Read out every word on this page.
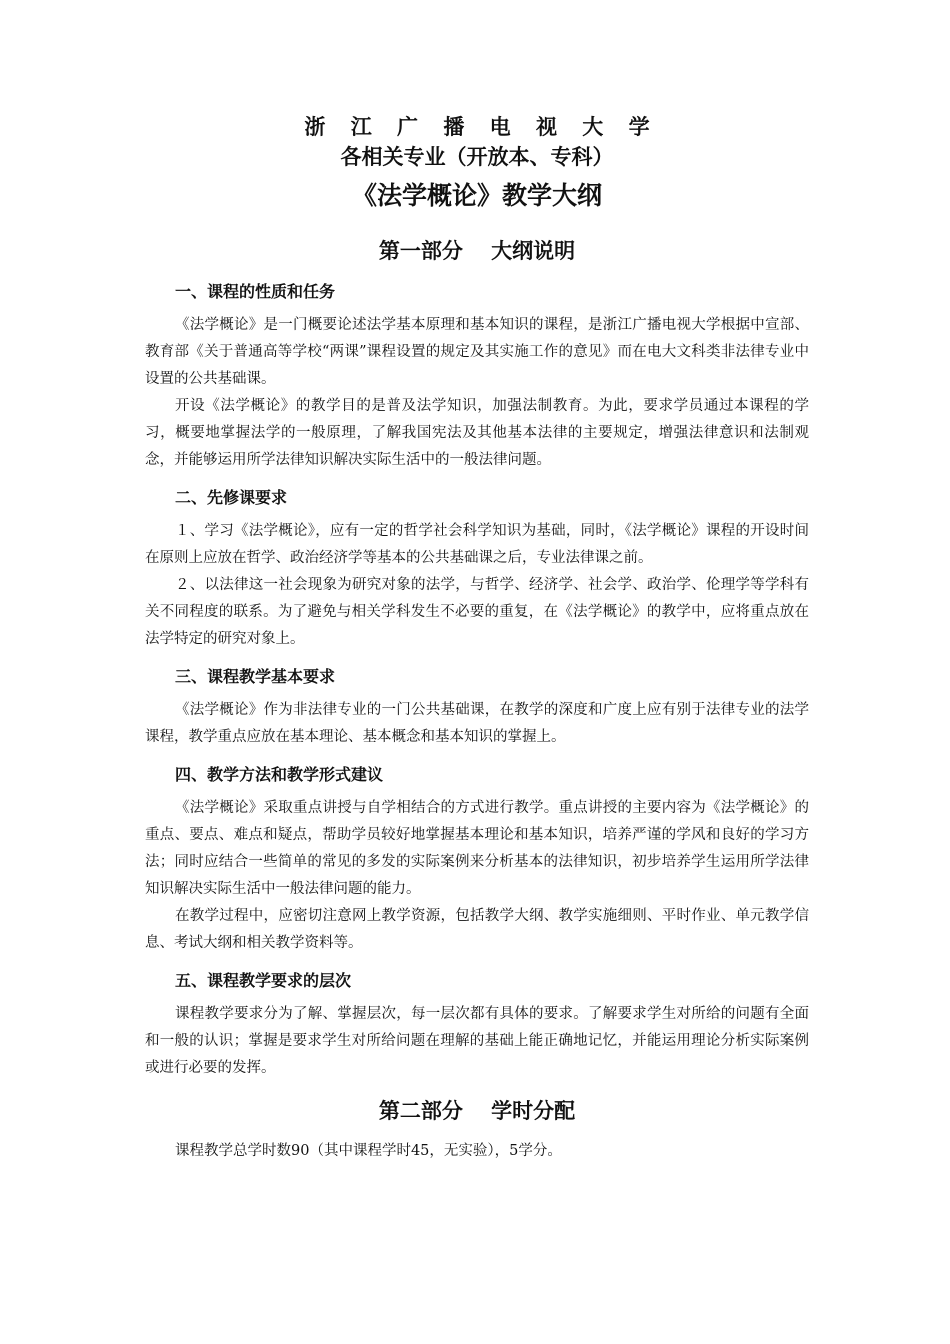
浙 江 广 播 电 视 大 学
各相关专业（开放本、专科）
《法学概论》教学大纲
第一部分　 大纲说明
一、课程的性质和任务

《法学概论》是一门概要论述法学基本原理和基本知识的课程，是浙江广播电视大学根据中宣部、教育部《关于普通高等学校“两课”课程设置的规定及其实施工作的意见》而在电大文科类非法律专业中设置的公共基础课。

开设《法学概论》的教学目的是普及法学知识，加强法制教育。为此，要求学员通过本课程的学习，概要地掌握法学的一般原理，了解我国宪法及其他基本法律的主要规定，增强法律意识和法制观念，并能够运用所学法律知识解决实际生活中的一般法律问题。

二、先修课要求

１、学习《法学概论》，应有一定的哲学社会科学知识为基础，同时，《法学概论》课程的开设时间在原则上应放在哲学、政治经济学等基本的公共基础课之后，专业法律课之前。

２、以法律这一社会现象为研究对象的法学，与哲学、经济学、社会学、政治学、伦理学等学科有关不同程度的联系。为了避免与相关学科发生不必要的重复，在《法学概论》的教学中，应将重点放在法学特定的研究对象上。

三、课程教学基本要求

《法学概论》作为非法律专业的一门公共基础课，在教学的深度和广度上应有别于法律专业的法学课程，教学重点应放在基本理论、基本概念和基本知识的掌握上。

四、教学方法和教学形式建议

《法学概论》采取重点讲授与自学相结合的方式进行教学。重点讲授的主要内容为《法学概论》的重点、要点、难点和疑点，帮助学员较好地掌握基本理论和基本知识，培养严谨的学风和良好的学习方法；同时应结合一些简单的常见的多发的实际案例来分析基本的法律知识，初步培养学生运用所学法律知识解决实际生活中一般法律问题的能力。

在教学过程中，应密切注意网上教学资源，包括教学大纲、教学实施细则、平时作业、单元教学信息、考试大纲和相关教学资料等。

五、课程教学要求的层次

课程教学要求分为了解、掌握层次，每一层次都有具体的要求。了解要求学生对所给的问题有全面和一般的认识；掌握是要求学生对所给问题在理解的基础上能正确地记忆，并能运用理论分析实际案例或进行必要的发挥。

第二部分　 学时分配

课程教学总学时数90（其中课程学时45，无实验），5学分。
